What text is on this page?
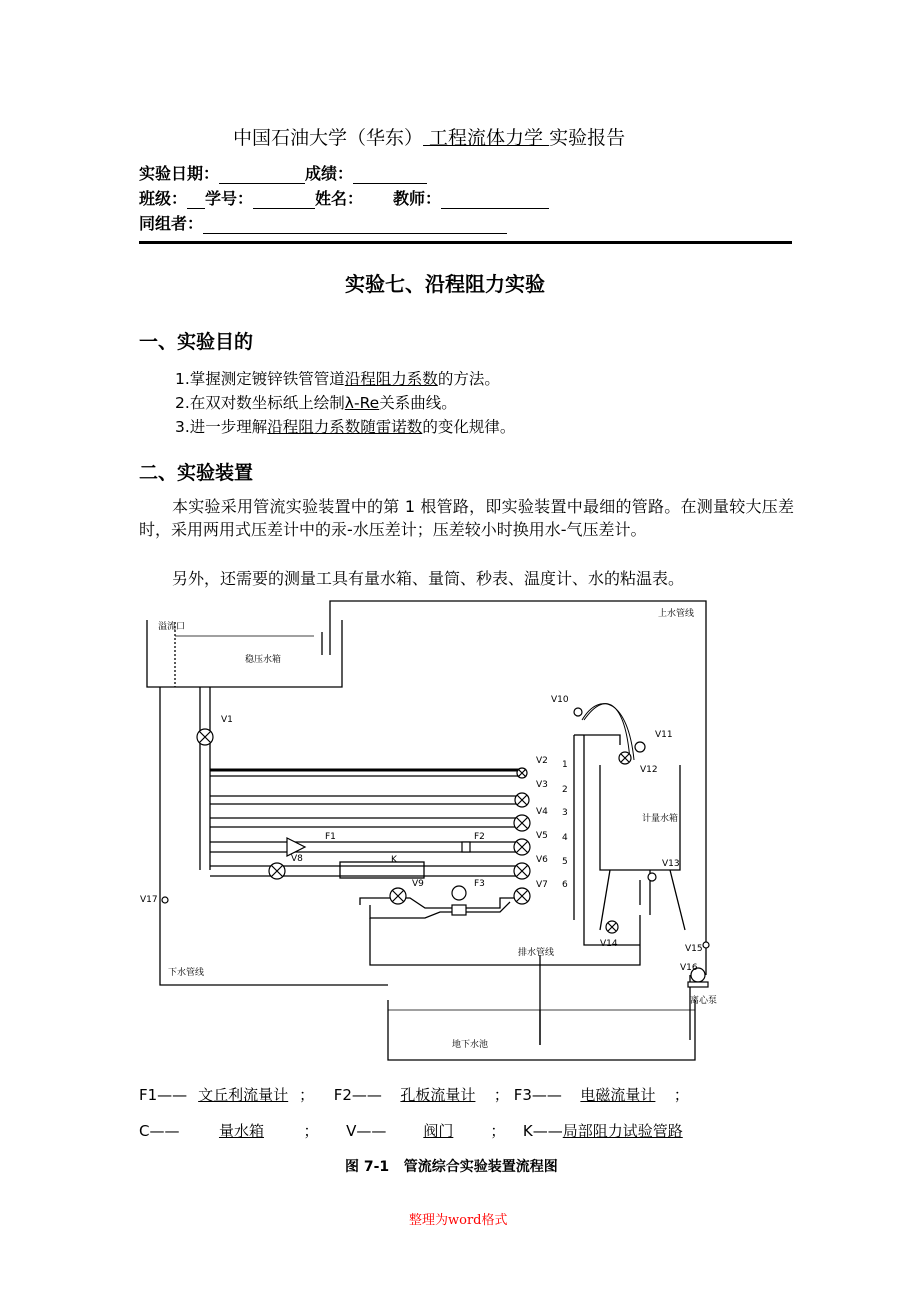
中国石油大学（华东） 工程流体力学 实验报告
实验日期：	成绩：
班级： 学号：	姓名： 教师：
同组者：
实验七、沿程阻力实验
一、实验目的
1.掌握测定镀锌铁管管道沿程阻力系数的方法。
2.在双对数坐标纸上绘制λ-Re关系曲线。
3.进一步理解沿程阻力系数随雷诺数的变化规律。
二、实验装置
本实验采用管流实验装置中的第 1 根管路，即实验装置中最细的管路。在测量较大压差时，采用两用式压差计中的汞-水压差计；压差较小时换用水-气压差计。
另外，还需要的测量工具有量水箱、量筒、秒表、温度计、水的粘温表。
溢流口
上水管线
稳压水箱
计量水箱
排水管线
下水管线
地下水池
离心泵
K
F1	F2
F3
V1
V2
V3
V4
V5
V6
V7
V8
V9
V10
V11
V12
V13
V14	V15
V16
V17
1
2
3
4
5
6
F1—— 文丘利流量计 ； F2—— 孔板流量计 ； F3—— 电磁流量计 ；
C——	量水箱	； V—— 阀门 ； K——局部阻力试验管路
图 7-1   管流综合实验装置流程图
整理为word格式
